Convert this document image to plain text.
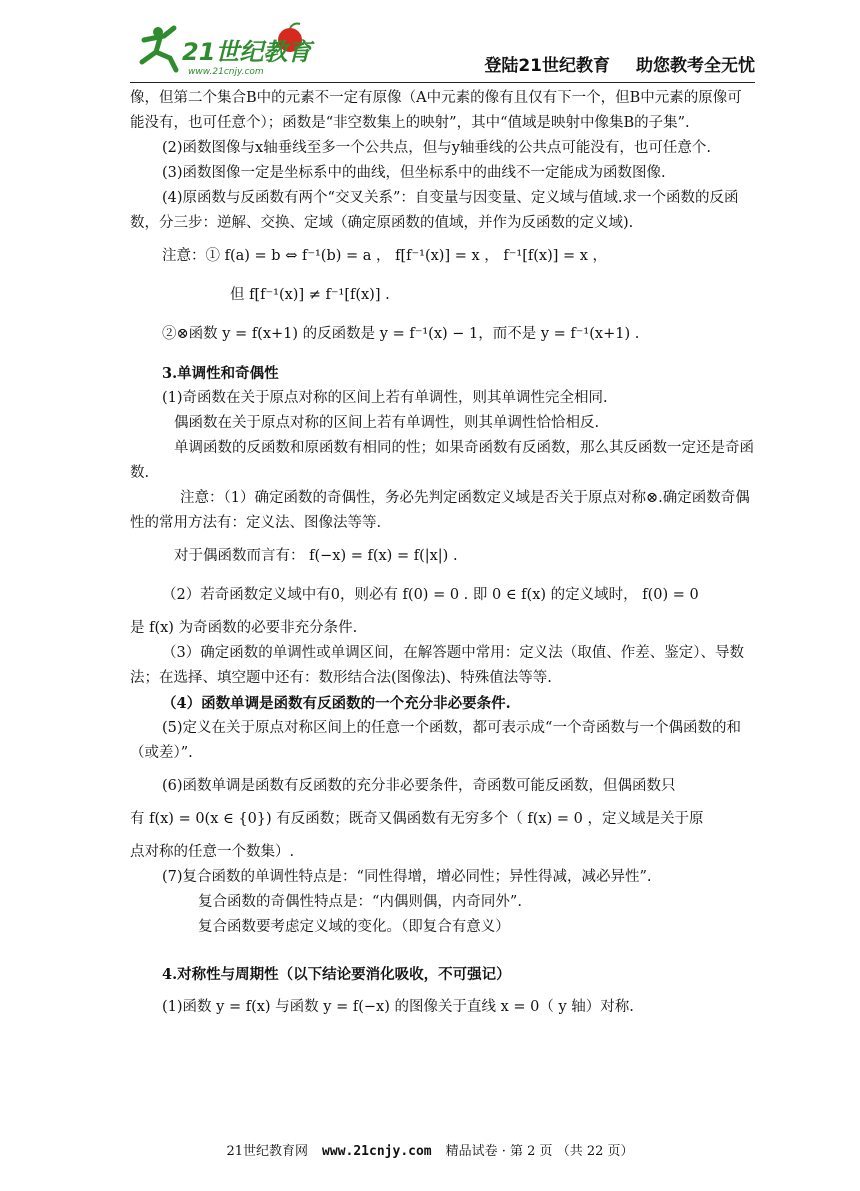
21世纪教育
www.21cnjy.com	登陆21世纪教育 助您教考全无忧

像，但第二个集合B中的元素不一定有原像（A中元素的像有且仅有下一个，但B中元素的原像可能没有，也可任意个）；函数是“非空数集上的映射”，其中“值域是映射中像集B的子集”.

(2)函数图像与x轴垂线至多一个公共点，但与y轴垂线的公共点可能没有，也可任意个.

(3)函数图像一定是坐标系中的曲线，但坐标系中的曲线不一定能成为函数图像.

(4)原函数与反函数有两个“交叉关系”：自变量与因变量、定义域与值域.求一个函数的反函数，分三步：逆解、交换、定域（确定原函数的值域，并作为反函数的定义域).

注意：① f(a) = b ⇔ f⁻¹(b) = a ， f[f⁻¹(x)] = x ， f⁻¹[f(x)] = x ，

但 f[f⁻¹(x)] ≠ f⁻¹[f(x)] .

②⊗函数 y = f(x+1) 的反函数是 y = f⁻¹(x) − 1，而不是 y = f⁻¹(x+1) .

3.单调性和奇偶性

(1)奇函数在关于原点对称的区间上若有单调性，则其单调性完全相同.

偶函数在关于原点对称的区间上若有单调性，则其单调性恰恰相反.

单调函数的反函数和原函数有相同的性；如果奇函数有反函数，那么其反函数一定还是奇函数.

注意：（1）确定函数的奇偶性，务必先判定函数定义域是否关于原点对称⊗.确定函数奇偶性的常用方法有：定义法、图像法等等.

对于偶函数而言有： f(−x) = f(x) = f(|x|) .

（2）若奇函数定义域中有0，则必有 f(0) = 0 . 即 0 ∈ f(x) 的定义域时， f(0) = 0

是 f(x) 为奇函数的必要非充分条件.

（3）确定函数的单调性或单调区间，在解答题中常用：定义法（取值、作差、鉴定）、导数法；在选择、填空题中还有：数形结合法(图像法)、特殊值法等等.

（4）函数单调是函数有反函数的一个充分非必要条件.

(5)定义在关于原点对称区间上的任意一个函数，都可表示成“一个奇函数与一个偶函数的和（或差）”.

(6)函数单调是函数有反函数的充分非必要条件，奇函数可能反函数，但偶函数只

有 f(x) = 0(x ∈ {0}) 有反函数；既奇又偶函数有无穷多个（ f(x) = 0 ，定义域是关于原

点对称的任意一个数集）.

(7)复合函数的单调性特点是：“同性得增，增必同性；异性得减，减必异性”.

复合函数的奇偶性特点是：“内偶则偶，内奇同外”.

复合函数要考虑定义域的变化。（即复合有意义）

4.对称性与周期性（以下结论要消化吸收，不可强记）

(1)函数 y = f(x) 与函数 y = f(−x) 的图像关于直线 x = 0（ y 轴）对称.

21世纪教育网 www.21cnjy.com 精品试卷 · 第 2 页 （共 22 页）
